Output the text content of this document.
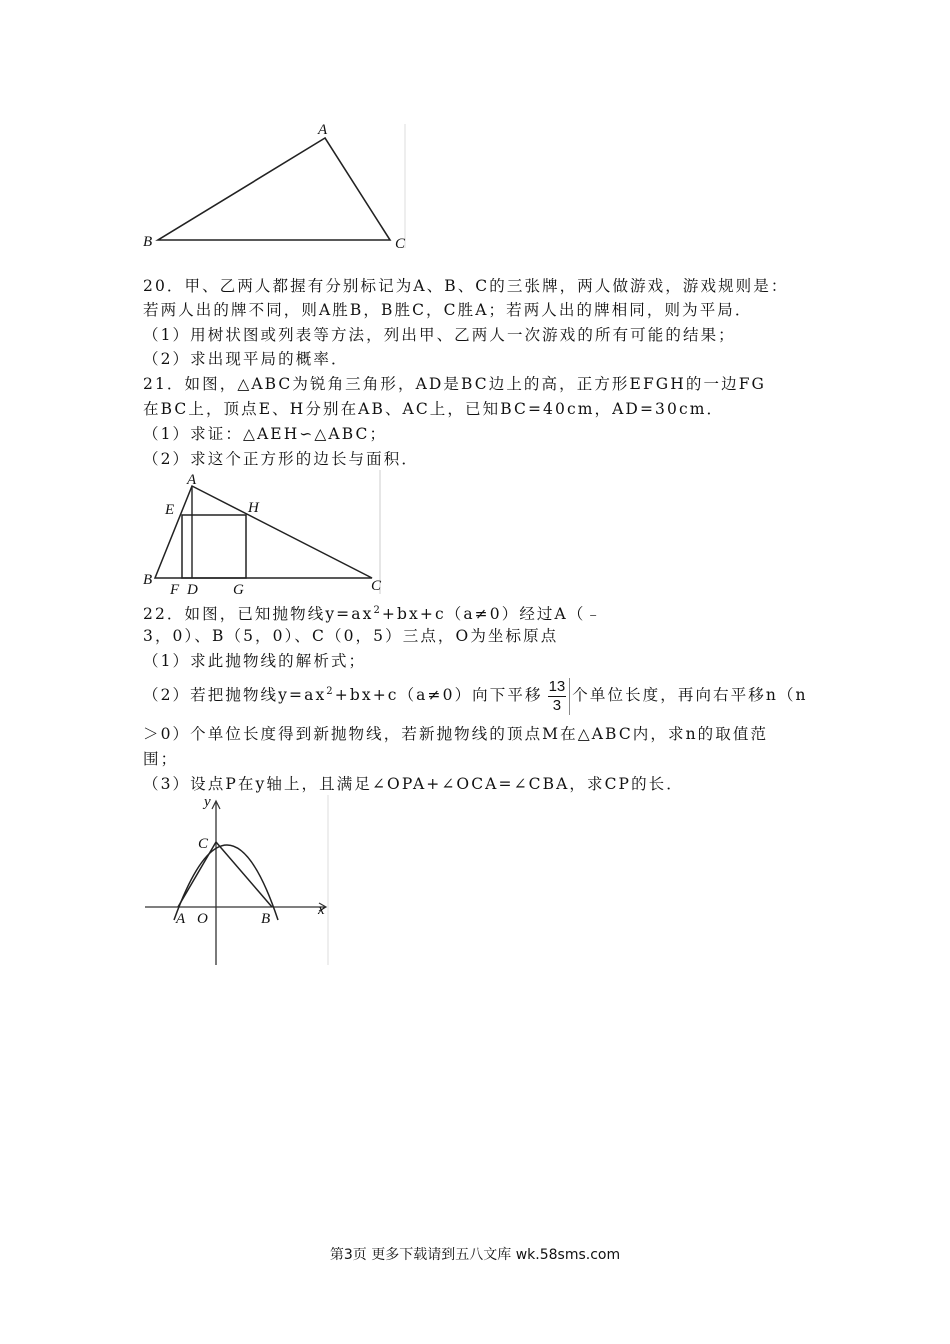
A
B	C
20．甲、乙两人都握有分别标记为A、B、C的三张牌，两人做游戏，游戏规则是：
若两人出的牌不同，则A胜B，B胜C，C胜A；若两人出的牌相同，则为平局．
（1）用树状图或列表等方法，列出甲、乙两人一次游戏的所有可能的结果；
（2）求出现平局的概率．
21．如图，△ABC为锐角三角形，AD是BC边上的高，正方形EFGH的一边FG
在BC上，顶点E、H分别在AB、AC上，已知BC=40cm，AD=30cm．
（1）求证：△AEH∽△ABC；
（2）求这个正方形的边长与面积．
A
E	H
B
F D G	C
22．如图，已知抛物线$y=ax^2+bx+c(a\ne 0)$经过A（﹣
3，0）、B（5，0）、C（0，5）三点，O为坐标原点
（1）求此抛物线的解析式；
（2）若把抛物线$y=ax^2+bx+c(a\ne 0)$向下平移 $\frac{13}{3}$ 个单位长度，再向右平移n（n
＞0）个单位长度得到新抛物线，若新抛物线的顶点M在△ABC内，求n的取值范
围；
（3）设点P在y轴上，且满足∠OPA+∠OCA=∠CBA，求CP的长．
y
x
C
A O	B
第3页 更多下载请到五八文库 wk.58sms.com
